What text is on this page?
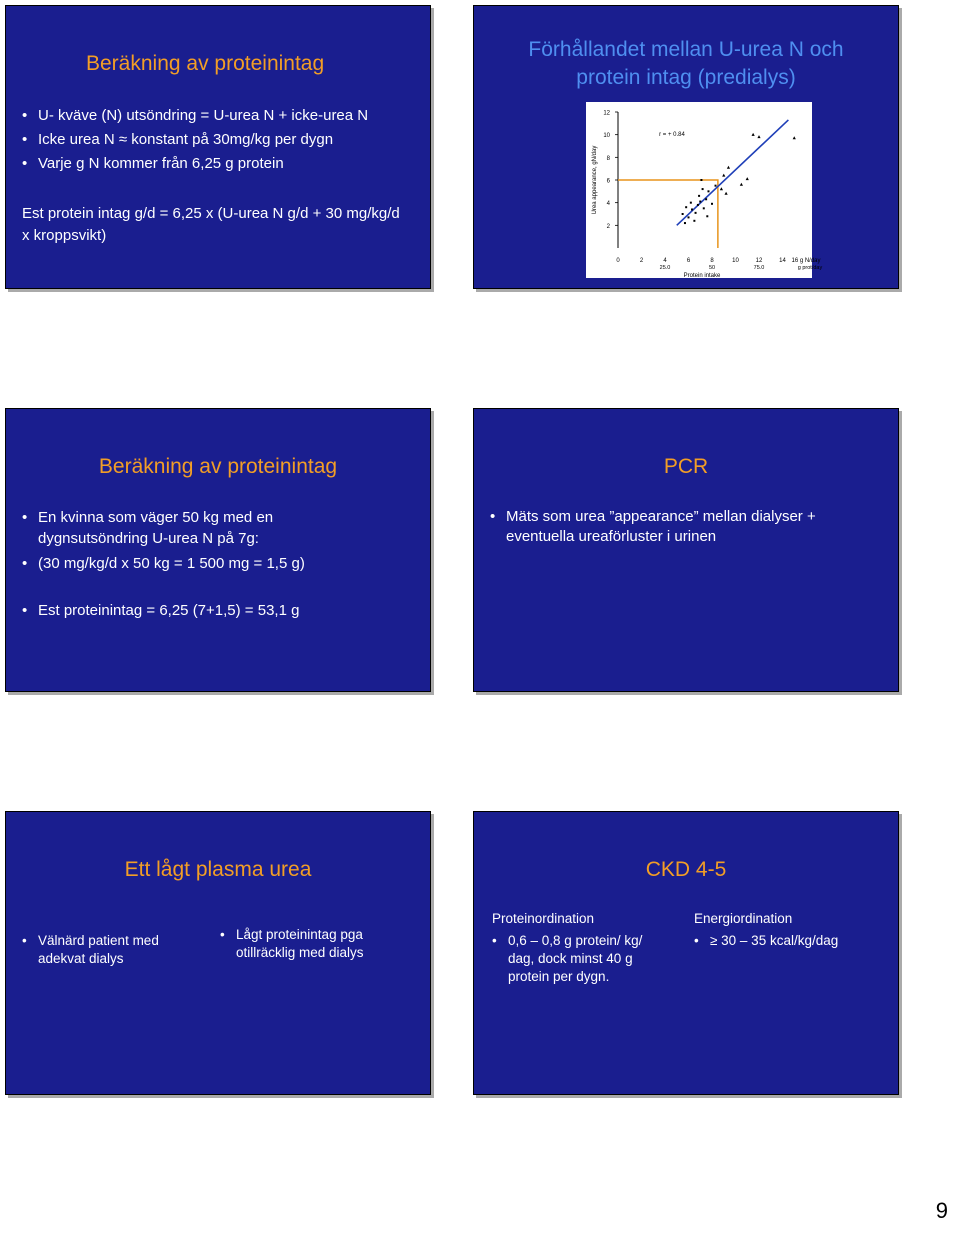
Beräkning av proteinintag
• U- kväve (N) utsöndring = U-urea N + icke-urea N
• Icke urea N ≈ konstant på 30mg/kg per dygn
• Varje g N kommer från 6,25 g protein
Est protein intag g/d = 6,25 x (U-urea N g/d + 30 mg/kg/d x kroppsvikt)
Förhållandet mellan U-urea N och
protein intag (predialys)
2
4
6
8
10
12
0	2	4	6	8	10	12	14 16 g N/day
25.0	50	75.0	g prot/day
Urea appearance, gN/day
Protein intake
r = + 0.84
Beräkning av proteinintag
• En kvinna som väger 50 kg med en dygnsutsöndring U-urea N på 7g:
• (30 mg/kg/d x 50 kg = 1 500 mg = 1,5 g)
• Est proteinintag = 6,25 (7+1,5) = 53,1 g
PCR
• Mäts som urea ”appearance” mellan dialyser + eventuella ureaförluster i urinen
Ett lågt plasma urea
• Välnärd patient med adekvat dialys
• Lågt proteinintag pga otillräcklig med dialys
CKD 4-5
Proteinordination
• 0,6 – 0,8 g protein/ kg/ dag, dock minst 40 g protein per dygn.
Energiordination
• ≥ 30 – 35 kcal/kg/dag
9
